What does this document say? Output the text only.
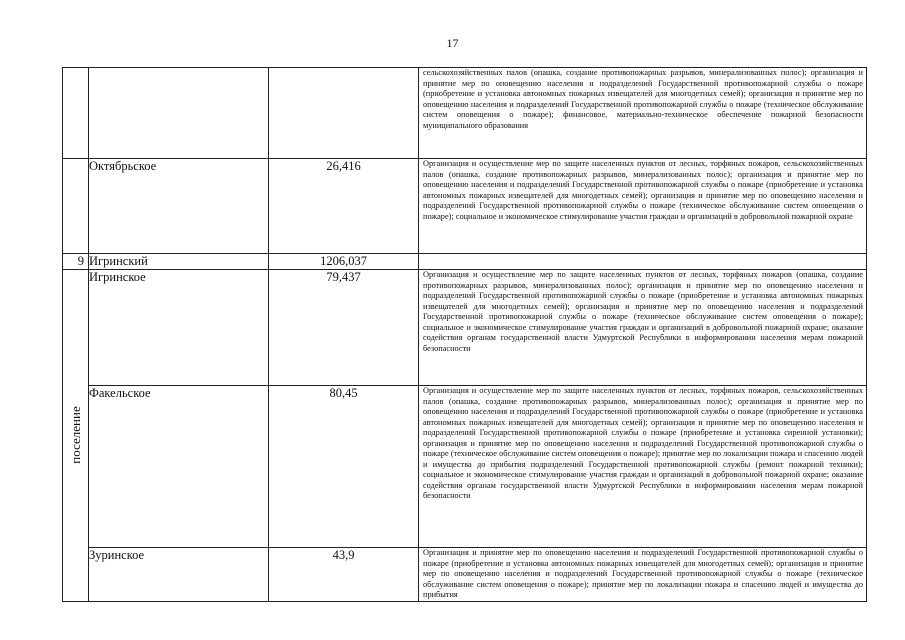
17
			сельскохозяйственных палов (опашка, создание противопожарных разрывов, минерализованных полос); организация и принятие мер по оповещению населения и подразделений Государственной противопожарной службы о пожаре (приобретение и установка автономных пожарных извещателей для многодетных семей); организация и принятие мер по оповещению населения и подразделений Государственной противопожарной службы о пожаре (техническое обслуживание систем оповещения о пожаре); финансовое, материально-техническое обеспечение пожарной безопасности муниципального образования
	Октябрьское	26,416	Организация и осуществление мер по защите населенных пунктов от лесных, торфяных пожаров, сельскохозяйственных палов (опашка, создание противопожарных разрывов, минерализованных полос); организация и принятие мер по оповещению населения и подразделений Государственной противопожарной службы о пожаре (приобретение и установка автономных пожарных извещателей для многодетных семей); организация и принятие мер по оповещению населения и подразделений Государственной противопожарной службы о пожаре (техническое обслуживание систем оповещения о пожаре); социальное и экономическое стимулирование участия граждан и организаций в добровольной пожарной охране
9	Игринский	1206,037	

поселение	Игринское	79,437	Организация и осуществление мер по защите населенных пунктов от лесных, торфяных пожаров (опашка, создание противопожарных разрывов, минерализованных полос); организация и принятие мер по оповещению населения и подразделений Государственной противопожарной службы о пожаре (приобретение и установка автономных пожарных извещателей для многодетных семей); организация и принятие мер по оповещению населения и подразделений Государственной противопожарной службы о пожаре (техническое обслуживание систем оповещения о пожаре); социальное и экономическое стимулирование участия граждан и организаций в добровольной пожарной охране; оказание содействия органам государственной власти Удмуртской Республики в информировании населения мерам пожарной безопасности
	Факельское	80,45	Организация и осуществление мер по защите населенных пунктов от лесных, торфяных пожаров, сельскохозяйственных палов (опашка, создание противопожарных разрывов, минерализованных полос); организация и принятие мер по оповещению населения и подразделений Государственной противопожарной службы о пожаре (приобретение и установка автономных пожарных извещателей для многодетных семей); организация и принятие мер по оповещению населения и подразделений Государственной противопожарной службы о пожаре (приобретение и установка сиренной установки); организация и принятие мер по оповещению населения и подразделений Государственной противопожарной службы о пожаре (техническое обслуживание систем оповещения о пожаре); принятие мер по локализации пожара и спасению людей и имущества до прибытия подразделений Государственной противопожарной службы (ремонт пожарной техники); социальное и экономическое стимулирование участия граждан и организаций в добровольной пожарной охране; оказание содействия органам государственной власти Удмуртской Республики в информировании населения мерам пожарной безопасности
	Зуринское	43,9	Организация и принятие мер по оповещению населения и подразделений Государственной противопожарной службы о пожаре (приобретение и установка автономных пожарных извещателей для многодетных семей); организация и принятие мер по оповещению населения и подразделений Государственной противопожарной службы о пожаре (техническое обслуживание систем оповещения о пожаре); принятие мер по локализации пожара и спасению людей и имущества до прибытия
